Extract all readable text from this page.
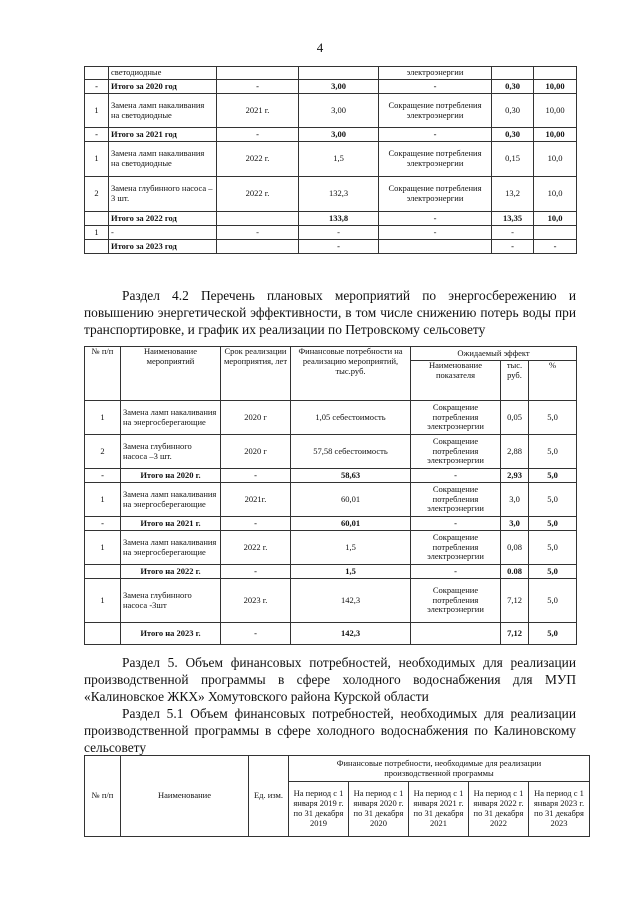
4
	светодиодные			электроэнергии		
-	Итого за 2020 год	-	3,00	-	0,30	10,00
1	Замена ламп накаливания на светодиодные	2021 г.	3,00	Сокращение потребления электроэнергии	0,30	10,00
-	Итого за 2021 год	-	3,00	-	0,30	10,00
1	Замена ламп накаливания на светодиодные	2022 г.	1,5	Сокращение потребления электроэнергии	0,15	10,0
2	Замена глубинного насоса – 3 шт.	2022 г.	132,3	Сокращение потребления электроэнергии	13,2	10,0
	Итого за 2022 год		133,8	-	13,35	10,0
1	-	-	-	-	-	
	Итого за 2023 год		-		-	-
Раздел 4.2 Перечень плановых мероприятий по энергосбережению и повышению энергетической эффективности, в том числе снижению потерь воды при транспортировке, и график их реализации по Петровскому сельсовету
№ п/п	Наименование мероприятий	Срок реализации мероприятия, лет	Финансовые потребности на реализацию мероприятий, тыс.руб.	Ожидаемый эффект		
				Наименование показателя	тыс. руб.	%
1	Замена ламп накаливания на энергосберегающие	2020 г	1,05 себестоимость	Сокращение потребления электроэнергии	0,05	5,0
2	Замена глубинного насоса –3 шт.	2020 г	57,58 себестоимость	Сокращение потребления электроэнергии	2,88	5,0
-	Итого на 2020 г.	-	58,63	-	2,93	5,0
1	Замена ламп накаливания на энергосберегающие	2021г.	60,01	Сокращение потребления электроэнергии	3,0	5,0
-	Итого на 2021 г.	-	60,01	-	3,0	5,0
1	Замена ламп накаливания на энергосберегающие	2022 г.	1,5	Сокращение потребления электроэнергии	0,08	5,0
	Итого на 2022 г.	-	1,5	-	0.08	5,0
1	Замена глубинного насоса -3шт	2023 г.	142,3	Сокращение потребления электроэнергии	7,12	5,0
	Итого на 2023 г.	-	142,3		7,12	5,0
Раздел 5. Объем финансовых потребностей, необходимых для реализации производственной программы в сфере холодного водоснабжения для МУП «Калиновское ЖКХ» Хомутовского района Курской области
Раздел 5.1 Объем финансовых потребностей, необходимых для реализации производственной программы в сфере холодного водоснабжения по Калиновскому сельсовету
№ п/п	Наименование	Ед. изм.	Финансовые потребности, необходимые для реализации производственной программы				
			На период с 1 января 2019 г. по 31 декабря 2019	На период с 1 января 2020 г. по 31 декабря 2020	На период с 1 января 2021 г. по 31 декабря 2021	На период с 1 января 2022 г. по 31 декабря 2022	На период с 1 января 2023 г. по 31 декабря 2023
